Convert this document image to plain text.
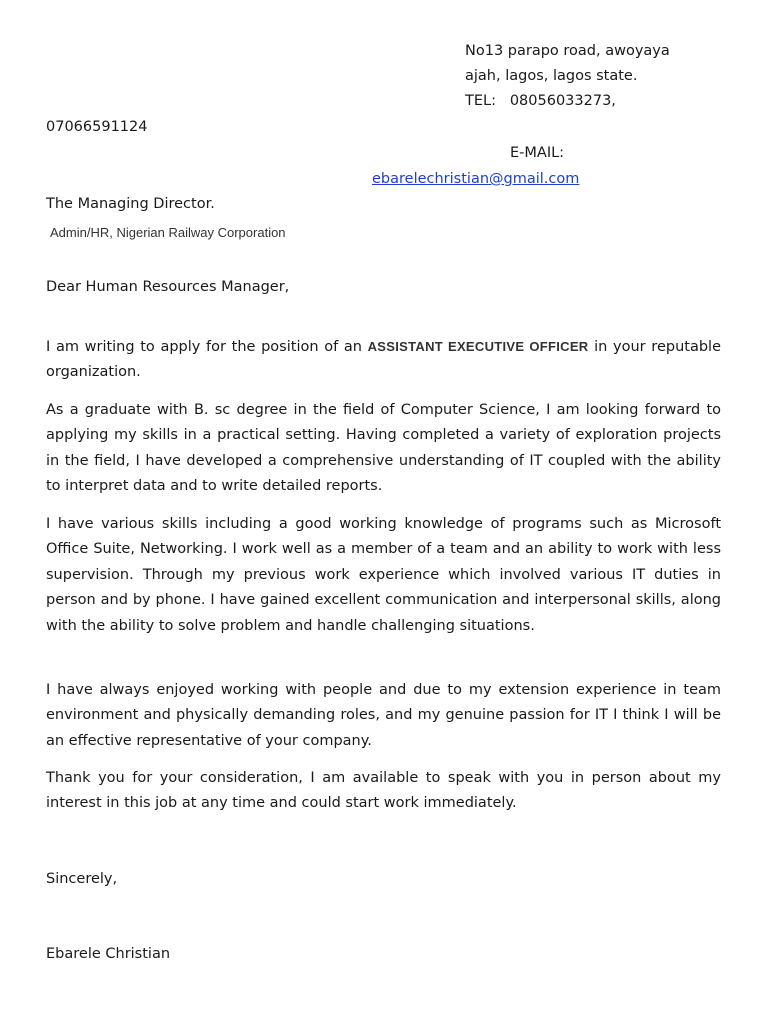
No13 parapo road, awoyaya
ajah, lagos, lagos state.
TEL: 08056033273,
07066591124
E-MAIL:
ebarelechristian@gmail.com
The Managing Director.
Admin/HR, Nigerian Railway Corporation
Dear Human Resources Manager,

I am writing to apply for the position of an ASSISTANT EXECUTIVE OFFICER in your reputable organization.

As a graduate with B. sc degree in the field of Computer Science, I am looking forward to applying my skills in a practical setting. Having completed a variety of exploration projects in the field, I have developed a comprehensive understanding of IT coupled with the ability to interpret data and to write detailed reports.

I have various skills including a good working knowledge of programs such as Microsoft Office Suite, Networking. I work well as a member of a team and an ability to work with less supervision. Through my previous work experience which involved various IT duties in person and by phone. I have gained excellent communication and interpersonal skills, along with the ability to solve problem and handle challenging situations.

I have always enjoyed working with people and due to my extension experience in team environment and physically demanding roles, and my genuine passion for IT I think I will be an effective representative of your company.

Thank you for your consideration, I am available to speak with you in person about my interest in this job at any time and could start work immediately.

Sincerely,
Ebarele Christian
